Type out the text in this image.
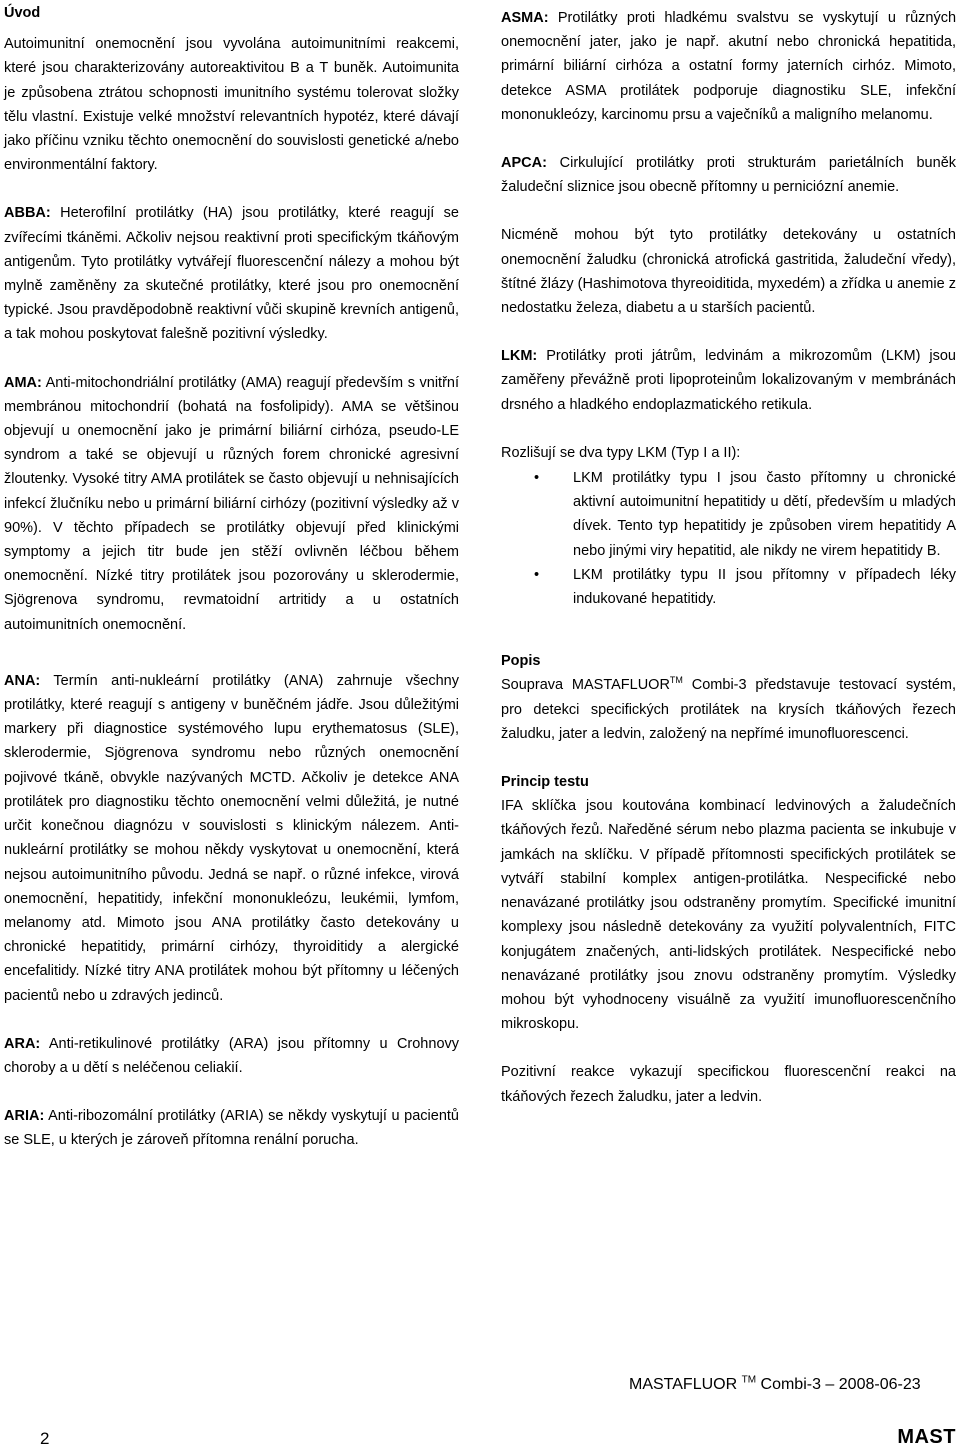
Úvod

Autoimunitní onemocnění jsou vyvolána autoimunitními reakcemi, které jsou charakterizovány autoreaktivitou B a T buněk. Autoimunita je způsobena ztrátou schopnosti imunitního systému tolerovat složky tělu vlastní. Existuje velké množství relevantních hypotéz, které dávají jako příčinu vzniku těchto onemocnění do souvislosti genetické a/nebo environmentální faktory.

ABBA: Heterofilní protilátky (HA) jsou protilátky, které reagují se zvířecími tkáněmi. Ačkoliv nejsou reaktivní proti specifickým tkáňovým antigenům. Tyto protilátky vytvářejí fluorescenční nálezy a mohou být mylně zaměněny za skutečné protilátky, které jsou pro onemocnění typické. Jsou pravděpodobně reaktivní vůči skupině krevních antigenů, a tak mohou poskytovat falešně pozitivní výsledky.

AMA: Anti-mitochondriální protilátky (AMA) reagují především s vnitřní membránou mitochondrií (bohatá na fosfolipidy). AMA se většinou objevují u onemocnění jako je primární biliární cirhóza, pseudo-LE syndrom a také se objevují u různých forem chronické agresivní žloutenky. Vysoké titry AMA protilátek se často objevují u nehnisajících infekcí žlučníku nebo u primární biliární cirhózy (pozitivní výsledky až v 90%). V těchto případech se protilátky objevují před klinickými symptomy a jejich titr bude jen stěží ovlivněn léčbou během onemocnění. Nízké titry protilátek jsou pozorovány u sklerodermie, Sjögrenova syndromu, revmatoidní artritidy a u ostatních autoimunitních onemocnění.

ANA: Termín anti-nukleární protilátky (ANA) zahrnuje všechny protilátky, které reagují s antigeny v buněčném jádře. Jsou důležitými markery při diagnostice systémového lupu erythematosus (SLE), sklerodermie, Sjögrenova syndromu nebo různých onemocnění pojivové tkáně, obvykle nazývaných MCTD. Ačkoliv je detekce ANA protilátek pro diagnostiku těchto onemocnění velmi důležitá, je nutné určit konečnou diagnózu v souvislosti s klinickým nálezem. Anti- nukleární protilátky se mohou někdy vyskytovat u onemocnění, která nejsou autoimunitního původu. Jedná se např. o různé infekce, virová onemocnění, hepatitidy, infekční mononukleózu, leukémii, lymfom, melanomy atd. Mimoto jsou ANA protilátky často detekovány u chronické hepatitidy, primární cirhózy, thyroiditidy a alergické encefalitidy. Nízké titry ANA protilátek mohou být přítomny u léčených pacientů nebo u zdravých jedinců.

ARA: Anti-retikulinové protilátky (ARA) jsou přítomny u Crohnovy choroby a u dětí s neléčenou celiakií.

ARIA: Anti-ribozomální protilátky (ARIA) se někdy vyskytují u pacientů se SLE, u kterých je zároveň přítomna renální porucha.

ASMA: Protilátky proti hladkému svalstvu se vyskytují u různých onemocnění jater, jako je např. akutní nebo chronická hepatitida, primární biliární cirhóza a ostatní formy jaterních cirhóz. Mimoto, detekce ASMA protilátek podporuje diagnostiku SLE, infekční mononukleózy, karcinomu prsu a vaječníků a maligního melanomu.

APCA: Cirkulující protilátky proti strukturám parietálních buněk žaludeční sliznice jsou obecně přítomny u perniciózní anemie.

Nicméně mohou být tyto protilátky detekovány u ostatních onemocnění žaludku (chronická atrofická gastritida, žaludeční vředy), štítné žlázy (Hashimotova thyreoiditida, myxedém) a zřídka u anemie z nedostatku železa, diabetu a u starších pacientů.

LKM: Protilátky proti játrům, ledvinám a mikrozomům (LKM) jsou zaměřeny převážně proti lipoproteinům lokalizovaným v membránách drsného a hladkého endoplazmatického retikula.

Rozlišují se dva typy LKM (Typ I a II):

• LKM protilátky typu I jsou často přítomny u chronické aktivní autoimunitní hepatitidy u dětí, především u mladých dívek. Tento typ hepatitidy je způsoben virem hepatitidy A nebo jinými viry hepatitid, ale nikdy ne virem hepatitidy B.
• LKM protilátky typu II jsou přítomny v případech léky indukované hepatitidy.

Popis

Souprava MASTAFLUOR™ Combi-3 představuje testovací systém, pro detekci specifických protilátek na krysích tkáňových řezech žaludku, jater a ledvin, založený na nepřímé imunofluorescenci.

Princip testu

IFA sklíčka jsou koutována kombinací ledvinových a žaludečních tkáňových řezů. Naředěné sérum nebo plazma pacienta se inkubuje v jamkách na sklíčku. V případě přítomnosti specifických protilátek se vytváří stabilní komplex antigen-protilátka. Nespecifické nebo nenavázané protilátky jsou odstraněny promytím. Specifické imunitní komplexy jsou následně detekovány za využití polyvalentních, FITC konjugátem značených, anti-lidských protilátek. Nespecifické nebo nenavázané protilátky jsou znovu odstraněny promytím. Výsledky mohou být vyhodnoceny visuálně za využití imunofluorescenčního mikroskopu.

Pozitivní reakce vykazují specifickou fluorescenční reakci na tkáňových řezech žaludku, jater a ledvin.

MASTAFLUOR ™ Combi-3 – 2008-06-23
2	MAST
